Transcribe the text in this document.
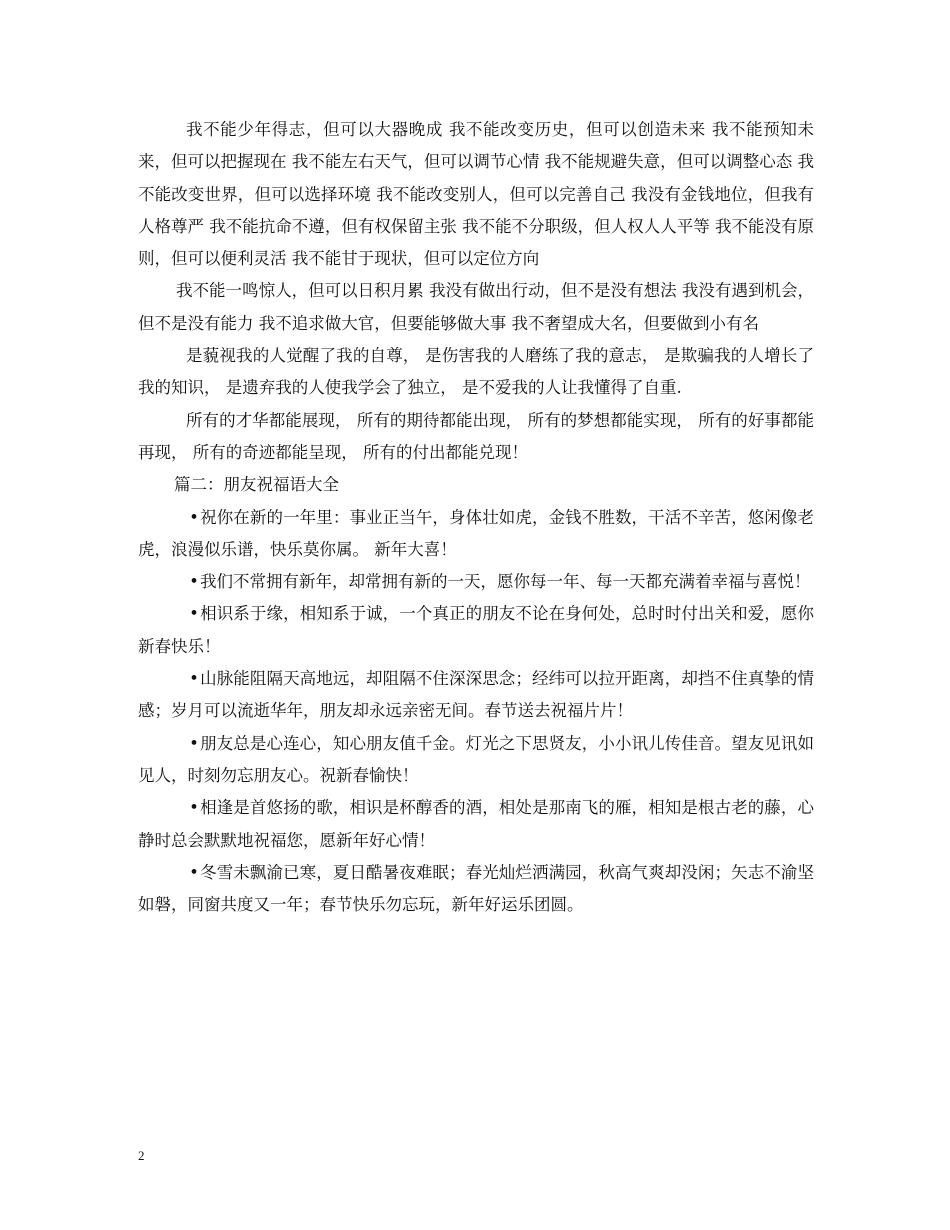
我不能少年得志，但可以大器晚成 我不能改变历史，但可以创造未来 我不能预知未来，但可以把握现在 我不能左右天气，但可以调节心情 我不能规避失意，但可以调整心态 我不能改变世界，但可以选择环境 我不能改变别人，但可以完善自己 我没有金钱地位，但我有人格尊严 我不能抗命不遵，但有权保留主张 我不能不分职级，但人权人人平等 我不能没有原则，但可以便利灵活 我不能甘于现状，但可以定位方向

我不能一鸣惊人，但可以日积月累 我没有做出行动，但不是没有想法 我没有遇到机会，但不是没有能力 我不追求做大官，但要能够做大事 我不奢望成大名，但要做到小有名

是藐视我的人觉醒了我的自尊， 是伤害我的人磨练了我的意志， 是欺骗我的人增长了我的知识， 是遗弃我的人使我学会了独立， 是不爱我的人让我懂得了自重.

所有的才华都能展现， 所有的期待都能出现， 所有的梦想都能实现， 所有的好事都能再现， 所有的奇迹都能呈现， 所有的付出都能兑现！

篇二：朋友祝福语大全

•祝你在新的一年里：事业正当午，身体壮如虎，金钱不胜数，干活不辛苦，悠闲像老虎，浪漫似乐谱，快乐莫你属。 新年大喜！

•我们不常拥有新年，却常拥有新的一天，愿你每一年、每一天都充满着幸福与喜悦！

•相识系于缘，相知系于诚，一个真正的朋友不论在身何处，总时时付出关和爱，愿你新春快乐！

•山脉能阻隔天高地远，却阻隔不住深深思念；经纬可以拉开距离，却挡不住真挚的情感；岁月可以流逝华年，朋友却永远亲密无间。春节送去祝福片片！

•朋友总是心连心，知心朋友值千金。灯光之下思贤友，小小讯儿传佳音。望友见讯如见人，时刻勿忘朋友心。祝新春愉快！

•相逢是首悠扬的歌，相识是杯醇香的酒，相处是那南飞的雁，相知是根古老的藤，心静时总会默默地祝福您，愿新年好心情！

•冬雪未飘渝已寒，夏日酷暑夜难眠；春光灿烂洒满园，秋高气爽却没闲；矢志不渝坚如磐，同窗共度又一年；春节快乐勿忘玩，新年好运乐团圆。

2
